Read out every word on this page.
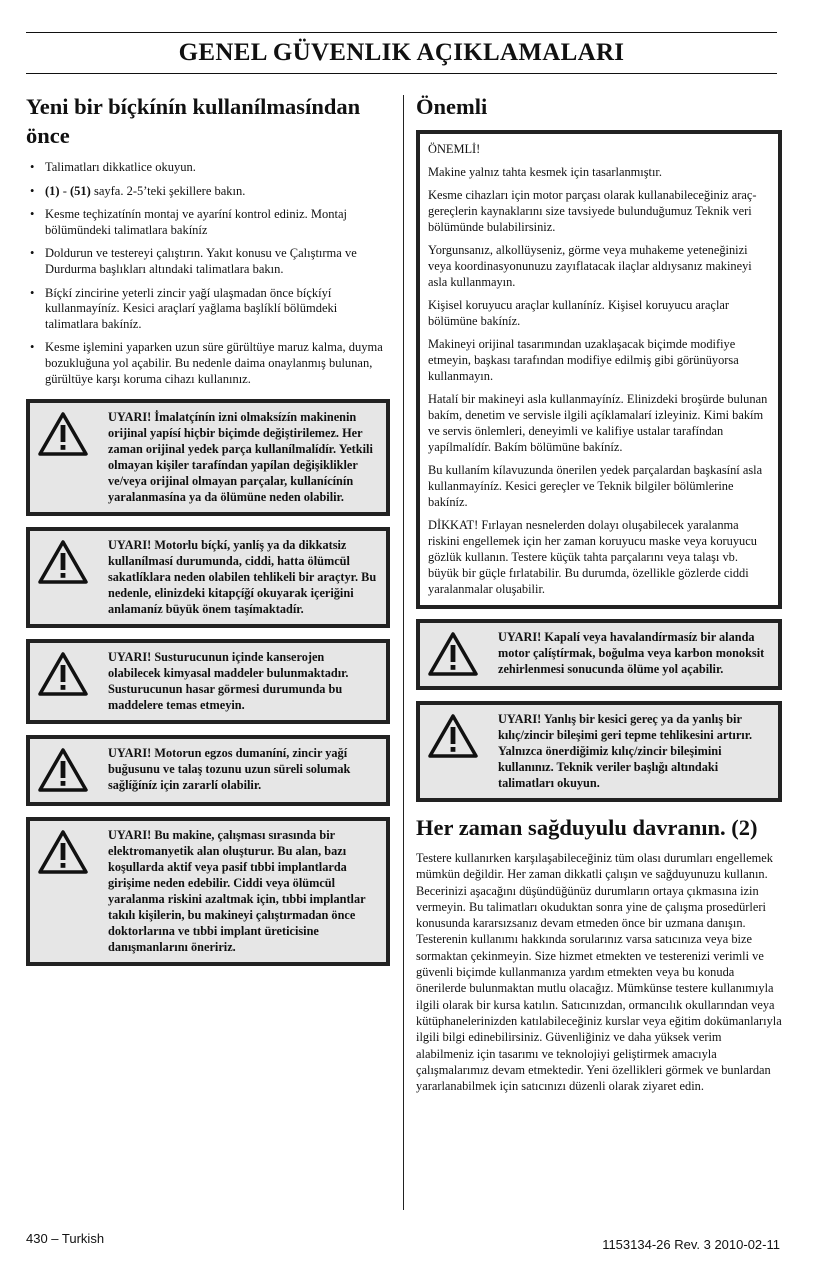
GENEL GÜVENLIK AÇIKLAMALARI
Yeni bir bíçkínín kullanílmasíndan önce
• Talimatları dikkatlice okuyun.
• (1) - (51) sayfa. 2-5’teki şekillere bakın.
• Kesme teçhizatínín montaj ve ayaríní kontrol ediniz. Montaj bölümündeki talimatlara bakíníz
• Doldurun ve testereyi çalıştırın. Yakıt konusu ve Çalıştırma ve Durdurma başlıkları altındaki talimatlara bakın.
• Bíçkí zincirine yeterli zincir yağí ulaşmadan önce bíçkíyí kullanmayíníz. Kesici araçlarí yağlama başlíklí bölümdeki talimatlara bakíníz.
• Kesme işlemini yaparken uzun süre gürültüye maruz kalma, duyma bozukluğuna yol açabilir. Bu nedenle daima onaylanmış bulunan, gürültüye karşı koruma cihazı kullanınız.
UYARI! İmalatçínín izni olmaksízín makinenin orijinal yapísí hiçbir biçimde değiştirilemez. Her zaman orijinal yedek parça kullanílmalídír. Yetkili olmayan kişiler tarafíndan yapílan değişiklikler ve/veya orijinal olmayan parçalar, kullanícínín yaralanmasína ya da ölümüne neden olabilir.
UYARI! Motorlu bíçkí, yanlíş ya da dikkatsiz kullanílmasí durumunda, ciddi, hatta ölümcül sakatlíklara neden olabilen tehlikeli bir araçtyr. Bu nedenle, elinizdeki kitapçíğí okuyarak içeriğini anlamaníz büyük önem taşímaktadír.
UYARI! Susturucunun içinde kanserojen olabilecek kimyasal maddeler bulunmaktadır. Susturucunun hasar görmesi durumunda bu maddelere temas etmeyin.
UYARI! Motorun egzos dumaníní, zincir yağí buğusunu ve talaş tozunu uzun süreli solumak sağlíğíníz için zararlí olabilir.
UYARI! Bu makine, çalışması sırasında bir elektromanyetik alan oluşturur. Bu alan, bazı koşullarda aktif veya pasif tıbbi implantlarda girişime neden edebilir. Ciddi veya ölümcül yaralanma riskini azaltmak için, tıbbi implantlar takılı kişilerin, bu makineyi çalıştırmadan önce doktorlarına ve tıbbi implant üreticisine danışmanlarını öneririz.
Önemli

ÖNEMLİ!

Makine yalnız tahta kesmek için tasarlanmıştır.

Kesme cihazları için motor parçası olarak kullanabileceğiniz araç-gereçlerin kaynaklarını size tavsiyede bulunduğumuz Teknik veri bölümünde bulabilirsiniz.

Yorgunsanız, alkollüyseniz, görme veya muhakeme yeteneğinizi veya koordinasyonunuzu zayıflatacak ilaçlar aldıysanız makineyi asla kullanmayın.

Kişisel koruyucu araçlar kullaníníz. Kişisel koruyucu araçlar bölümüne bakíníz.

Makineyi orijinal tasarımından uzaklaşacak biçimde modifiye etmeyin, başkası tarafından modifiye edilmiş gibi görünüyorsa kullanmayın.

Hatalí bir makineyi asla kullanmayíníz. Elinizdeki broşürde bulunan bakím, denetim ve servisle ilgili açíklamalarí izleyiniz. Kimi bakím ve servis önlemleri, deneyimli ve kalifiye ustalar tarafíndan yapílmalídír. Bakím bölümüne bakíníz.

Bu kullaním kílavuzunda önerilen yedek parçalardan başkasíní asla kullanmayíníz. Kesici gereçler ve Teknik bilgiler bölümlerine bakíníz.

DİKKAT! Fırlayan nesnelerden dolayı oluşabilecek yaralanma riskini engellemek için her zaman koruyucu maske veya koruyucu gözlük kullanın. Testere küçük tahta parçalarını veya talaşı vb. büyük bir güçle fırlatabilir. Bu durumda, özellikle gözlerde ciddi yaralanmalar oluşabilir.

UYARI! Kapalí veya havalandírmasíz bir alanda motor çalíştírmak, boğulma veya karbon monoksit zehirlenmesi sonucunda ölüme yol açabilir.
UYARI! Yanlış bir kesici gereç ya da yanlış bir kılıç/zincir bileşimi geri tepme tehlikesini artırır. Yalnızca önerdiğimiz kılıç/zincir bileşimini kullanınız. Teknik veriler başlığı altındaki talimatları okuyun.
Her zaman sağduyulu davranın. (2)

Testere kullanırken karşılaşabileceğiniz tüm olası durumları engellemek mümkün değildir. Her zaman dikkatli çalışın ve sağduyunuzu kullanın. Becerinizi aşacağını düşündüğünüz durumların ortaya çıkmasına izin vermeyin. Bu talimatları okuduktan sonra yine de çalışma prosedürleri konusunda kararsızsanız devam etmeden önce bir uzmana danışın. Testerenin kullanımı hakkında sorularınız varsa satıcınıza veya bize sormaktan çekinmeyin. Size hizmet etmekten ve testerenizi verimli ve güvenli biçimde kullanmanıza yardım etmekten veya bu konuda önerilerde bulunmaktan mutlu olacağız. Mümkünse testere kullanımıyla ilgili olarak bir kursa katılın. Satıcınızdan, ormancılık okullarından veya kütüphanelerinizden katılabileceğiniz kurslar veya eğitim dokümanlarıyla ilgili bilgi edinebilirsiniz. Güvenliğiniz ve daha yüksek verim alabilmeniz için tasarımı ve teknolojiyi geliştirmek amacıyla çalışmalarımız devam etmektedir. Yeni özellikleri görmek ve bunlardan yararlanabilmek için satıcınızı düzenli olarak ziyaret edin.

430 – Turkish	1153134-26 Rev. 3 2010-02-11
